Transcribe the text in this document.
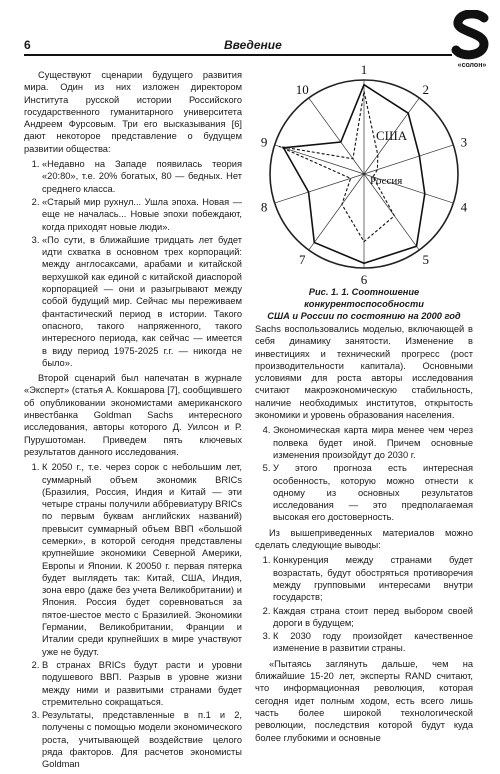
6	Введение
«солон»

Существуют сценарии будущего развития мира. Один из них изложен директором Института русской истории Российского государственного гуманитарного университета Андреем Фурсовым. Три его высказывания [6] дают некоторое представление о будущем развитии общества:

1. «Недавно на Западе появилась теория «20:80», т.е. 20% богатых, 80 — бедных. Нет среднего класса.
2. «Старый мир рухнул... Ушла эпоха. Новая — еще не началась... Новые эпохи побеждают, когда приходят новые люди».
3. «По сути, в ближайшие тридцать лет будет идти схватка в основном трех корпораций: между англосаксами, арабами и китайской верхушкой как единой с китайской диаспорой корпорацией — они и разыгрывают между собой будущий мир. Сейчас мы переживаем фантастический период в истории. Такого опасного, такого напряженного, такого интересного периода, как сейчас — имеется в виду период 1975-2025 г.г. — никогда не было».

Второй сценарий был напечатан в журнале «Эксперт» (статья А. Кокшарова [7], сообщившего об опубликовании экономистами американского инвестбанка Goldman Sachs интересного исследования, авторы которого Д. Уилсон и Р. Пурушотоман. Приведем пять ключевых результатов данного исследования.

1. К 2050 г., т.е. через сорок с небольшим лет, суммарный объем экономик BRICs (Бразилия, Россия, Индия и Китай — эти четыре страны получили аббревиатуру BRICs по первым буквам английских названий) превысит суммарный объем ВВП «большой семерки», в которой сегодня представлены крупнейшие экономики Северной Америки, Европы и Японии. К 20050 г. первая пятерка будет выглядеть так: Китай, США, Индия, зона евро (даже без учета Великобритании) и Япония. Россия будет соревноваться за пятое-шестое место с Бразилией. Экономики Германии, Великобритании, Франции и Италии среди крупнейших в мире участвуют уже не будут.
2. В странах BRICs будут расти и уровни подушевого ВВП. Разрыв в уровне жизни между ними и развитыми странами будет стремительно сокращаться.
3. Результаты, представленные в п.1 и 2, получены с помощью модели экономического роста, учитывающей воздействие целого ряда факторов. Для расчетов экономисты Goldman
1
2
3
4
5
6
7
8
9
10
США
Россия
Рис. 1. 1. Соотношение конкурентоспособности
США и России по состоянию на 2000 год

Sachs воспользовались моделью, включающей в себя динамику занятости. Изменение в инвестициях и технический прогресс (рост производительности капитала). Основными условиями для роста авторы исследования считают макроэкономическую стабильность, наличие необходимых институтов, открытость экономики и уровень образования населения.

4. Экономическая карта мира менее чем через полвека будет иной. Причем основные изменения произойдут до 2030 г.
5. У этого прогноза есть интересная особенность, которую можно отнести к одному из основных результатов исследования — это предполагаемая высокая его достоверность.

Из вышеприведенных материалов можно сделать следующие выводы:

1. Конкуренция между странами будет возрастать, будут обостряться противоречия между групповыми интересами внутри государств;
2. Каждая страна стоит перед выбором своей дороги в будущем;
3. К 2030 году произойдет качественное изменение в развитии страны.

«Пытаясь заглянуть дальше, чем на ближайшие 15-20 лет, эксперты RAND считают, что информационная революция, которая сегодня идет полным ходом, есть всего лишь часть более широкой технологической революции, последствия которой будут куда более глубокими и основные
